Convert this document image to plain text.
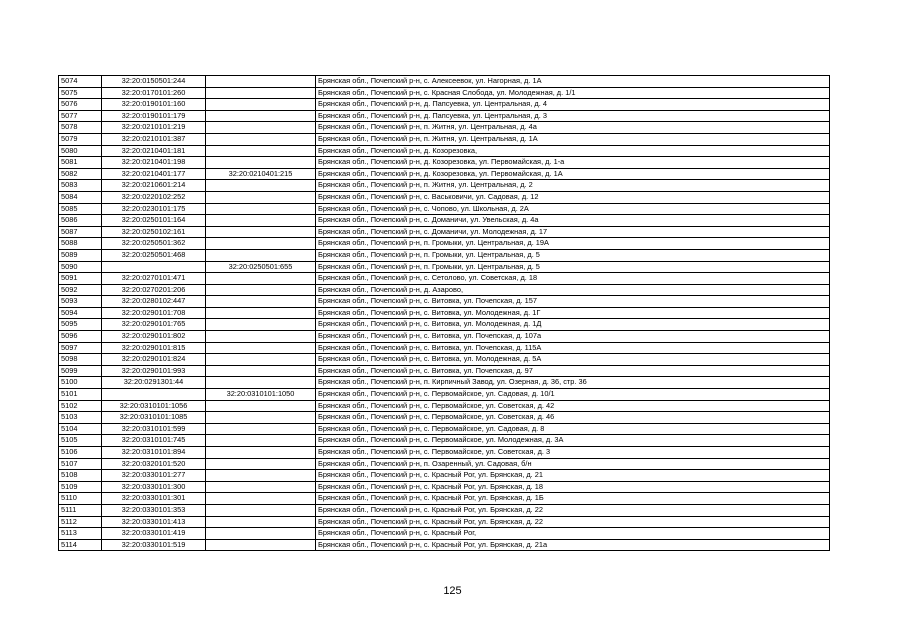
5074	32:20:0150501:244		Брянская обл., Почепский р-н, с. Алексеевок, ул. Нагорная, д. 1А
5075	32:20:0170101:260		Брянская обл., Почепский р-н, с. Красная Слобода, ул. Молодежная, д. 1/1
5076	32:20:0190101:160		Брянская обл., Почепский р-н, д. Папсуевка, ул. Центральная, д. 4
5077	32:20:0190101:179		Брянская обл., Почепский р-н, д. Папсуевка, ул. Центральная, д. 3
5078	32:20:0210101:219		Брянская обл., Почепский р-н, п. Житня, ул. Центральная, д. 4а
5079	32:20:0210101:387		Брянская обл., Почепский р-н, п. Житня, ул. Центральная, д. 1А
5080	32:20:0210401:181		Брянская обл., Почепский р-н, д. Козорезовка,
5081	32:20:0210401:198		Брянская обл., Почепский р-н, д. Козорезовка, ул. Первомайская, д. 1-а
5082	32:20:0210401:177	32:20:0210401:215	Брянская обл., Почепский р-н, д. Козорезовка, ул. Первомайская, д. 1А
5083	32:20:0210601:214		Брянская обл., Почепский р-н, п. Житня, ул. Центральная, д. 2
5084	32:20:0220102:252		Брянская обл., Почепский р-н, с. Васьковичи, ул. Садовая, д. 12
5085	32:20:0230101:175		Брянская обл., Почепский р-н, с. Чопово, ул. Школьная, д. 2А
5086	32:20:0250101:164		Брянская обл., Почепский р-н, с. Доманичи, ул. Увельская, д. 4а
5087	32:20:0250102:161		Брянская обл., Почепский р-н, с. Доманичи, ул. Молодежная, д. 17
5088	32:20:0250501:362		Брянская обл., Почепский р-н, п. Громыки, ул. Центральная, д. 19А
5089	32:20:0250501:468		Брянская обл., Почепский р-н, п. Громыки, ул. Центральная, д. 5
5090		32:20:0250501:655	Брянская обл., Почепский р-н, п. Громыки, ул. Центральная, д. 5
5091	32:20:0270101:471		Брянская обл., Почепский р-н, с. Сетолово, ул. Советская, д. 18
5092	32:20:0270201:206		Брянская обл., Почепский р-н, д. Азарово,
5093	32:20:0280102:447		Брянская обл., Почепский р-н, с. Витовка, ул. Почепская, д. 157
5094	32:20:0290101:708		Брянская обл., Почепский р-н, с. Витовка, ул. Молодежная, д. 1Г
5095	32:20:0290101:765		Брянская обл., Почепский р-н, с. Витовка, ул. Молодежная, д. 1Д
5096	32:20:0290101:802		Брянская обл., Почепский р-н, с. Витовка, ул. Почепская, д. 107а
5097	32:20:0290101:815		Брянская обл., Почепский р-н, с. Витовка, ул. Почепская, д. 115А
5098	32:20:0290101:824		Брянская обл., Почепский р-н, с. Витовка, ул. Молодежная, д. 5А
5099	32:20:0290101:993		Брянская обл., Почепский р-н, с. Витовка, ул. Почепская, д. 97
5100	32:20:0291301:44		Брянская обл., Почепский р-н, п. Кирпичный Завод, ул. Озерная, д. 36, стр. 36
5101		32:20:0310101:1050	Брянская обл., Почепский р-н, с. Первомайское, ул. Садовая, д. 10/1
5102	32:20:0310101:1056		Брянская обл., Почепский р-н, с. Первомайское, ул. Советская, д. 42
5103	32:20:0310101:1085		Брянская обл., Почепский р-н, с. Первомайское, ул. Советская, д. 46
5104	32:20:0310101:599		Брянская обл., Почепский р-н, с. Первомайское, ул. Садовая, д. 8
5105	32:20:0310101:745		Брянская обл., Почепский р-н, с. Первомайское, ул. Молодежная, д. 3А
5106	32:20:0310101:894		Брянская обл., Почепский р-н, с. Первомайское, ул. Советская, д. 3
5107	32:20:0320101:520		Брянская обл., Почепский р-н, п. Озаренный, ул. Садовая, б/н
5108	32:20:0330101:277		Брянская обл., Почепский р-н, с. Красный Рог, ул. Брянская, д. 21
5109	32:20:0330101:300		Брянская обл., Почепский р-н, с. Красный Рог, ул. Брянская, д. 18
5110	32:20:0330101:301		Брянская обл., Почепский р-н, с. Красный Рог, ул. Брянская, д. 1Б
5111	32:20:0330101:353		Брянская обл., Почепский р-н, с. Красный Рог, ул. Брянская, д. 22
5112	32:20:0330101:413		Брянская обл., Почепский р-н, с. Красный Рог, ул. Брянская, д. 22
5113	32:20:0330101:419		Брянская обл., Почепский р-н, с. Красный Рог,
5114	32:20:0330101:519		Брянская обл., Почепский р-н, с. Красный Рог, ул. Брянская, д. 21а
125
